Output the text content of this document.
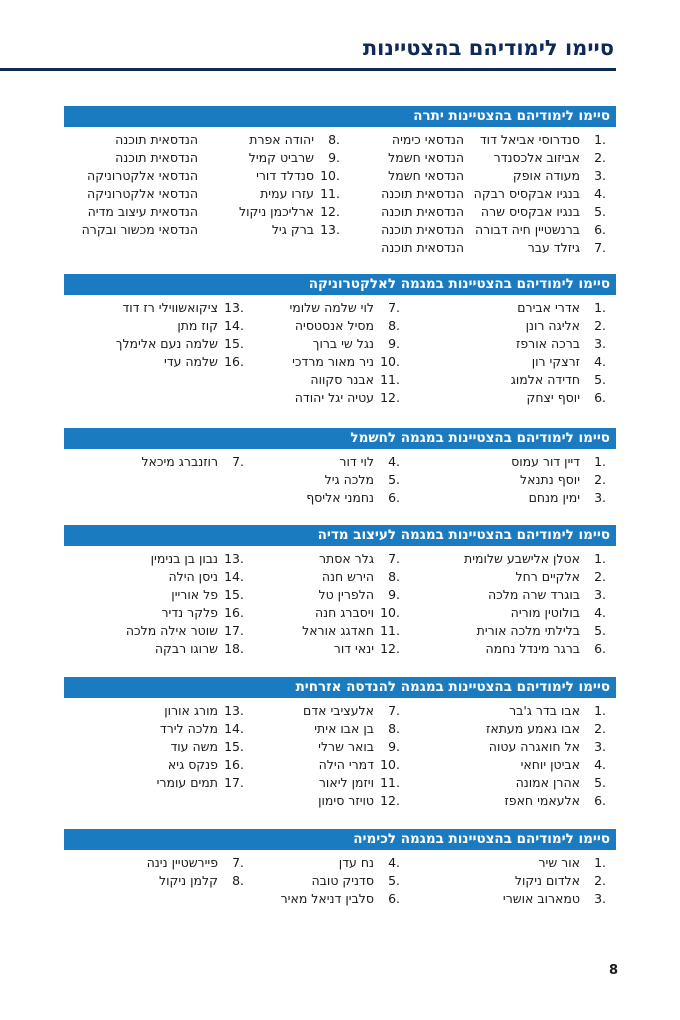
סיימו לימודיהם בהצטיינות
סיימו לימודיהם בהצטיינות יתרה
1.
סנדרוסי אביאל דוד
הנדסאי כימיה
2.
אביזוב אלכסנדר
הנדסאי חשמל
3.
מעודה אופק
הנדסאי חשמל
4.
בנגיו אבקסיס רבקה
הנדסאית תוכנה
5.
בנגיו אבקסיס שרה
הנדסאית תוכנה
6.
ברנשטיין חיה דבורה
הנדסאית תוכנה
7.
גיזלד עבר
הנדסאית תוכנה
8.
יהודה אפרת
הנדסאית תוכנה
9.
שרביט קמיל
הנדסאית תוכנה
10.
סנדלד דורי
הנדסאי אלקטרוניקה
11.
עזרו עמית
הנדסאי אלקטרוניקה
12.
ארליכמן ניקול
הנדסאית עיצוב מדיה
13.
ברק גיל
הנדסאי מכשור ובקרה
סיימו לימודיהם בהצטיינות במגמה לאלקטרוניקה
1.
אדרי אבירם
2.
אליגה רונן
3.
ברכה אורפז
4.
זרצקי רון
5.
חדידה אלמוג
6.
יוסף יצחק
7.
לוי שלמה שלומי
8.
מסיל אנסטסיה
9.
נגל שי ברוך
10.
ניר מאור מרדכי
11.
אבנר סקווה
12.
עטיה יגל יהודה
13.
ציקואשווילי רז דוד
14.
קוז מתן
15.
שלמה נעם אלימלך
16.
שלמה עדי
סיימו לימודיהם בהצטיינות במגמה לחשמל
1.
דיין דור עמוס
2.
יוסף נתנאל
3.
ימין מנחם
4.
לוי דור
5.
מלכה גיל
6.
נחמני אליסף
7.
רוזנברג מיכאל
סיימו לימודיהם בהצטיינות במגמה לעיצוב מדיה
1.
אטלן אלישבע שלומית
2.
אלקיים רחל
3.
בוגרד שרה מלכה
4.
בולוטין מוריה
5.
בלילתי מלכה אורית
6.
ברגר מינדל נחמה
7.
גלר אסתר
8.
הירש חנה
9.
הלפרין טל
10.
ויסברג חנה
11.
חאדגג אוראל
12.
ינאי דור
13.
נבון בן בנימין
14.
ניסן הילה
15.
פל אוריין
16.
פלקר נדיר
17.
שוטר אילה מלכה
18.
שרוגו רבקה
סיימו לימודיהם בהצטיינות במגמה להנדסה אזרחית
1.
אבו בדר ג'בר
2.
אבו גאמע מעתאז
3.
אל חואגרה עטוה
4.
אביטן יוחאי
5.
אהרן אמונה
6.
אלעאמי חאפז
7.
אלעציבי אדם
8.
בן אבו איתי
9.
בואר שרלי
10.
דמרי הילה
11.
ויזמן ליאור
12.
טויזר סימון
13.
מורג אורון
14.
מלכה לירד
15.
משה עוד
16.
פנקס גיא
17.
תמים עומרי
סיימו לימודיהם בהצטיינות במגמה לכימיה
1.
אור שיר
2.
אלדום ניקול
3.
טמארוב אושרי
4.
נח עדן
5.
סדניק טובה
6.
סלבין דניאל מאיר
7.
פיירשטיין נינה
8.
קלמן ניקול
8
